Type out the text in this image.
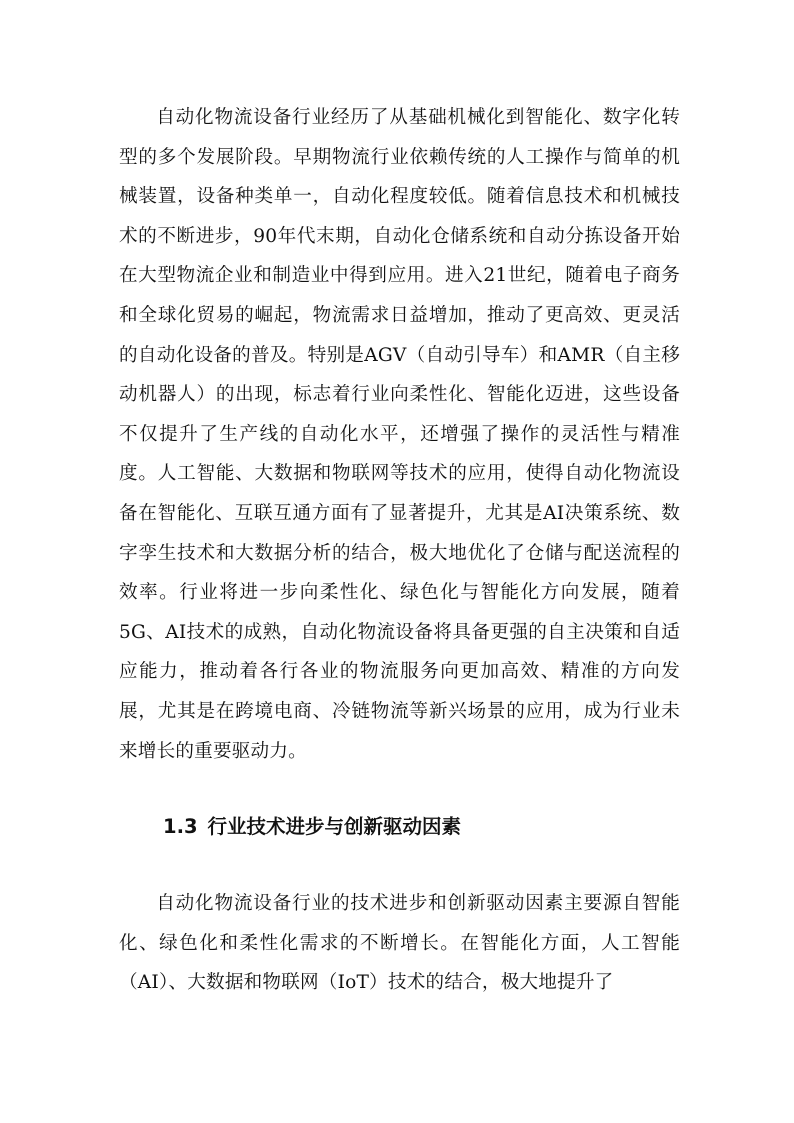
自动化物流设备行业经历了从基础机械化到智能化、数字化转型的多个发展阶段。早期物流行业依赖传统的人工操作与简单的机械装置，设备种类单一，自动化程度较低。随着信息技术和机械技术的不断进步，90年代末期，自动化仓储系统和自动分拣设备开始在大型物流企业和制造业中得到应用。进入21世纪，随着电子商务和全球化贸易的崛起，物流需求日益增加，推动了更高效、更灵活的自动化设备的普及。特别是AGV（自动引导车）和AMR（自主移动机器人）的出现，标志着行业向柔性化、智能化迈进，这些设备不仅提升了生产线的自动化水平，还增强了操作的灵活性与精准度。人工智能、大数据和物联网等技术的应用，使得自动化物流设备在智能化、互联互通方面有了显著提升，尤其是AI决策系统、数字孪生技术和大数据分析的结合，极大地优化了仓储与配送流程的效率。行业将进一步向柔性化、绿色化与智能化方向发展，随着5G、AI技术的成熟，自动化物流设备将具备更强的自主决策和自适应能力，推动着各行各业的物流服务向更加高效、精准的方向发展，尤其是在跨境电商、冷链物流等新兴场景的应用，成为行业未来增长的重要驱动力。

1.3 行业技术进步与创新驱动因素

自动化物流设备行业的技术进步和创新驱动因素主要源自智能化、绿色化和柔性化需求的不断增长。在智能化方面，人工智能（AI）、大数据和物联网（IoT）技术的结合，极大地提升了
